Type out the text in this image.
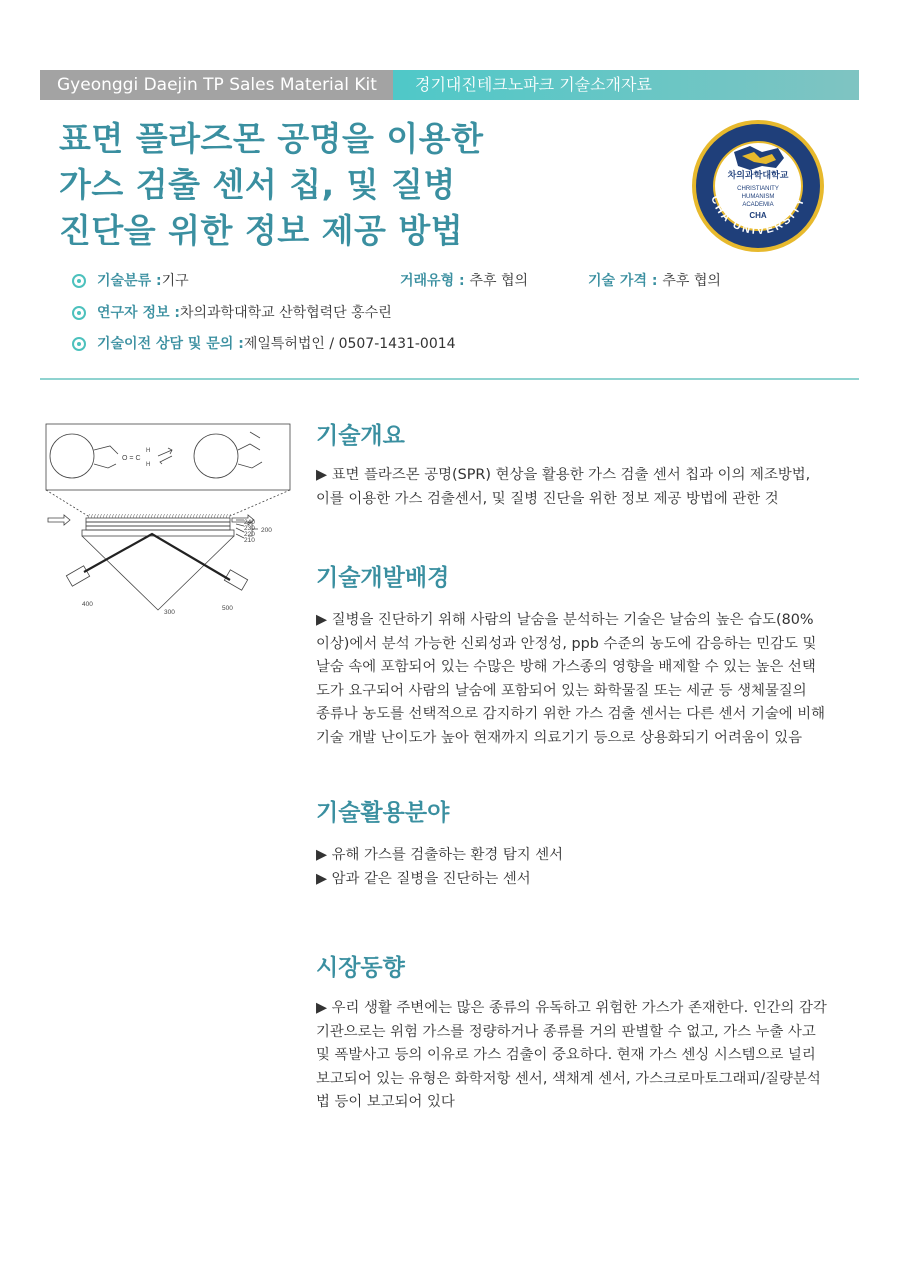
Gyeonggi Daejin TP Sales Material Kit	경기대진테크노파크 기술소개자료
표면 플라즈몬 공명을 이용한
가스 검출 센서 칩, 및 질병
진단을 위한 정보 제공 방법
CHA UNIVERSITY
차의과학대학교
CHRISTIANITY
HUMANISM
ACADEMIA
CHA
기술분류 : 기구	거래유형 : 추후 협의	기술 가격 : 추후 협의
연구자 정보 : 차의과학대학교 산학협력단 홍수린
기술이전 상담 및 문의 : 제일특허법인 / 0507-1431-0014
240
230
220
210
200
400
300
500
O = C
H
H
기술개요

▶ 표면 플라즈몬 공명(SPR) 현상을 활용한 가스 검출 센서 칩과 이의 제조방법,

이를 이용한 가스 검출센서, 및 질병 진단을 위한 정보 제공 방법에 관한 것

기술개발배경

▶ 질병을 진단하기 위해 사람의 날숨을 분석하는 기술은 날숨의 높은 습도(80%

이상)에서 분석 가능한 신뢰성과 안정성, ppb 수준의 농도에 감응하는 민감도 및

날숨 속에 포함되어 있는 수많은 방해 가스종의 영향을 배제할 수 있는 높은 선택

도가 요구되어 사람의 날숨에 포함되어 있는 화학물질 또는 세균 등 생체물질의

종류나 농도를 선택적으로 감지하기 위한 가스 검출 센서는 다른 센서 기술에 비해

기술 개발 난이도가 높아 현재까지 의료기기 등으로 상용화되기 어려움이 있음

기술활용분야

▶ 유해 가스를 검출하는 환경 탐지 센서

▶ 암과 같은 질병을 진단하는 센서

시장동향

▶ 우리 생활 주변에는 많은 종류의 유독하고 위험한 가스가 존재한다. 인간의 감각

기관으로는 위험 가스를 정량하거나 종류를 거의 판별할 수 없고, 가스 누출 사고

및 폭발사고 등의 이유로 가스 검출이 중요하다. 현재 가스 센싱 시스템으로 널리

보고되어 있는 유형은 화학저항 센서, 색채계 센서, 가스크로마토그래피/질량분석

법 등이 보고되어 있다
